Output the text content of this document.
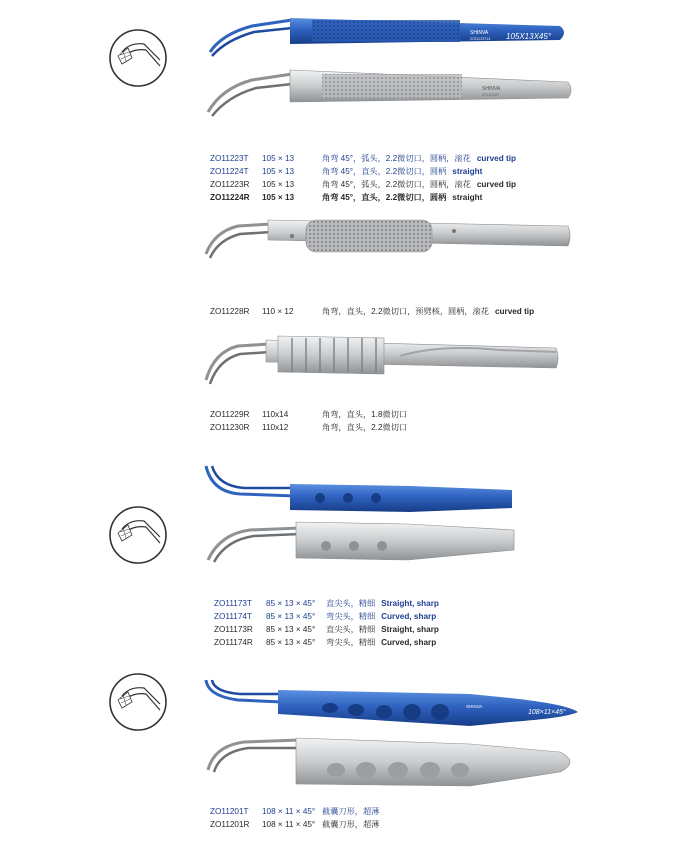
SHINVA
ZO11223T14 105X13X45°
SHINVA
ZO11223R
SHINVA
108×11×45°
ZO11223T 105 × 13	角弯 45°，弧头，2.2微切口，圆柄，滚花 curved tip
ZO11224T 105 × 13	角弯 45°，直头，2.2微切口，圆柄 straight
ZO11223R 105 × 13	角弯 45°，弧头，2.2微切口，圆柄，滚花 curved tip
ZO11224R 105 × 13	角弯 45°，直头，2.2微切口，圆柄 straight
ZO11228R 110 × 12	角弯，直头，2.2微切口，预劈核，圆柄，滚花 curved tip
ZO11229R 110x14	角弯，直头，1.8微切口
ZO11230R 110x12	角弯，直头，2.2微切口
ZO11173T 85 × 13 × 45° 直尖头，精细 Straight, sharp
ZO11174T 85 × 13 × 45° 弯尖头，精细 Curved, sharp
ZO11173R 85 × 13 × 45° 直尖头，精细 Straight, sharp
ZO11174R 85 × 13 × 45° 弯尖头，精细 Curved, sharp
ZO11201T 108 × 11 × 45° 截囊刀形，超薄
ZO11201R 108 × 11 × 45° 截囊刀形，超薄
